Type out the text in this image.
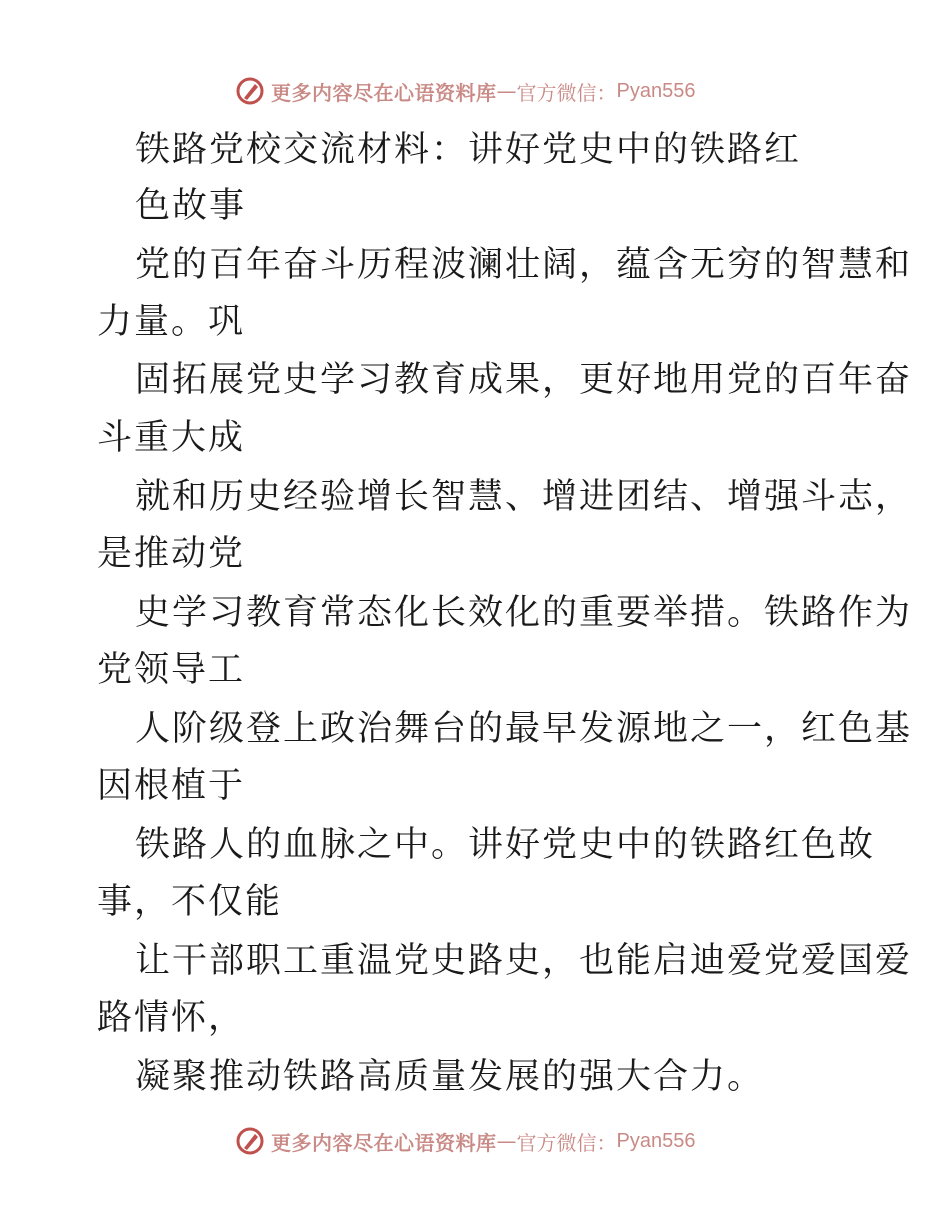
更多内容尽在心语资料库 — 官方微信： Pyan556
铁路党校交流材料：讲好党史中的铁路红
色故事
党的百年奋斗历程波澜壮阔，蕴含无穷的智慧和
力量。巩
固拓展党史学习教育成果，更好地用党的百年奋
斗重大成
就和历史经验增长智慧、增进团结、增强斗志，
是推动党
史学习教育常态化长效化的重要举措。铁路作为
党领导工
人阶级登上政治舞台的最早发源地之一，红色基
因根植于
铁路人的血脉之中。讲好党史中的铁路红色故
事，不仅能
让干部职工重温党史路史，也能启迪爱党爱国爱
路情怀，
凝聚推动铁路高质量发展的强大合力。
更多内容尽在心语资料库 — 官方微信： Pyan556
